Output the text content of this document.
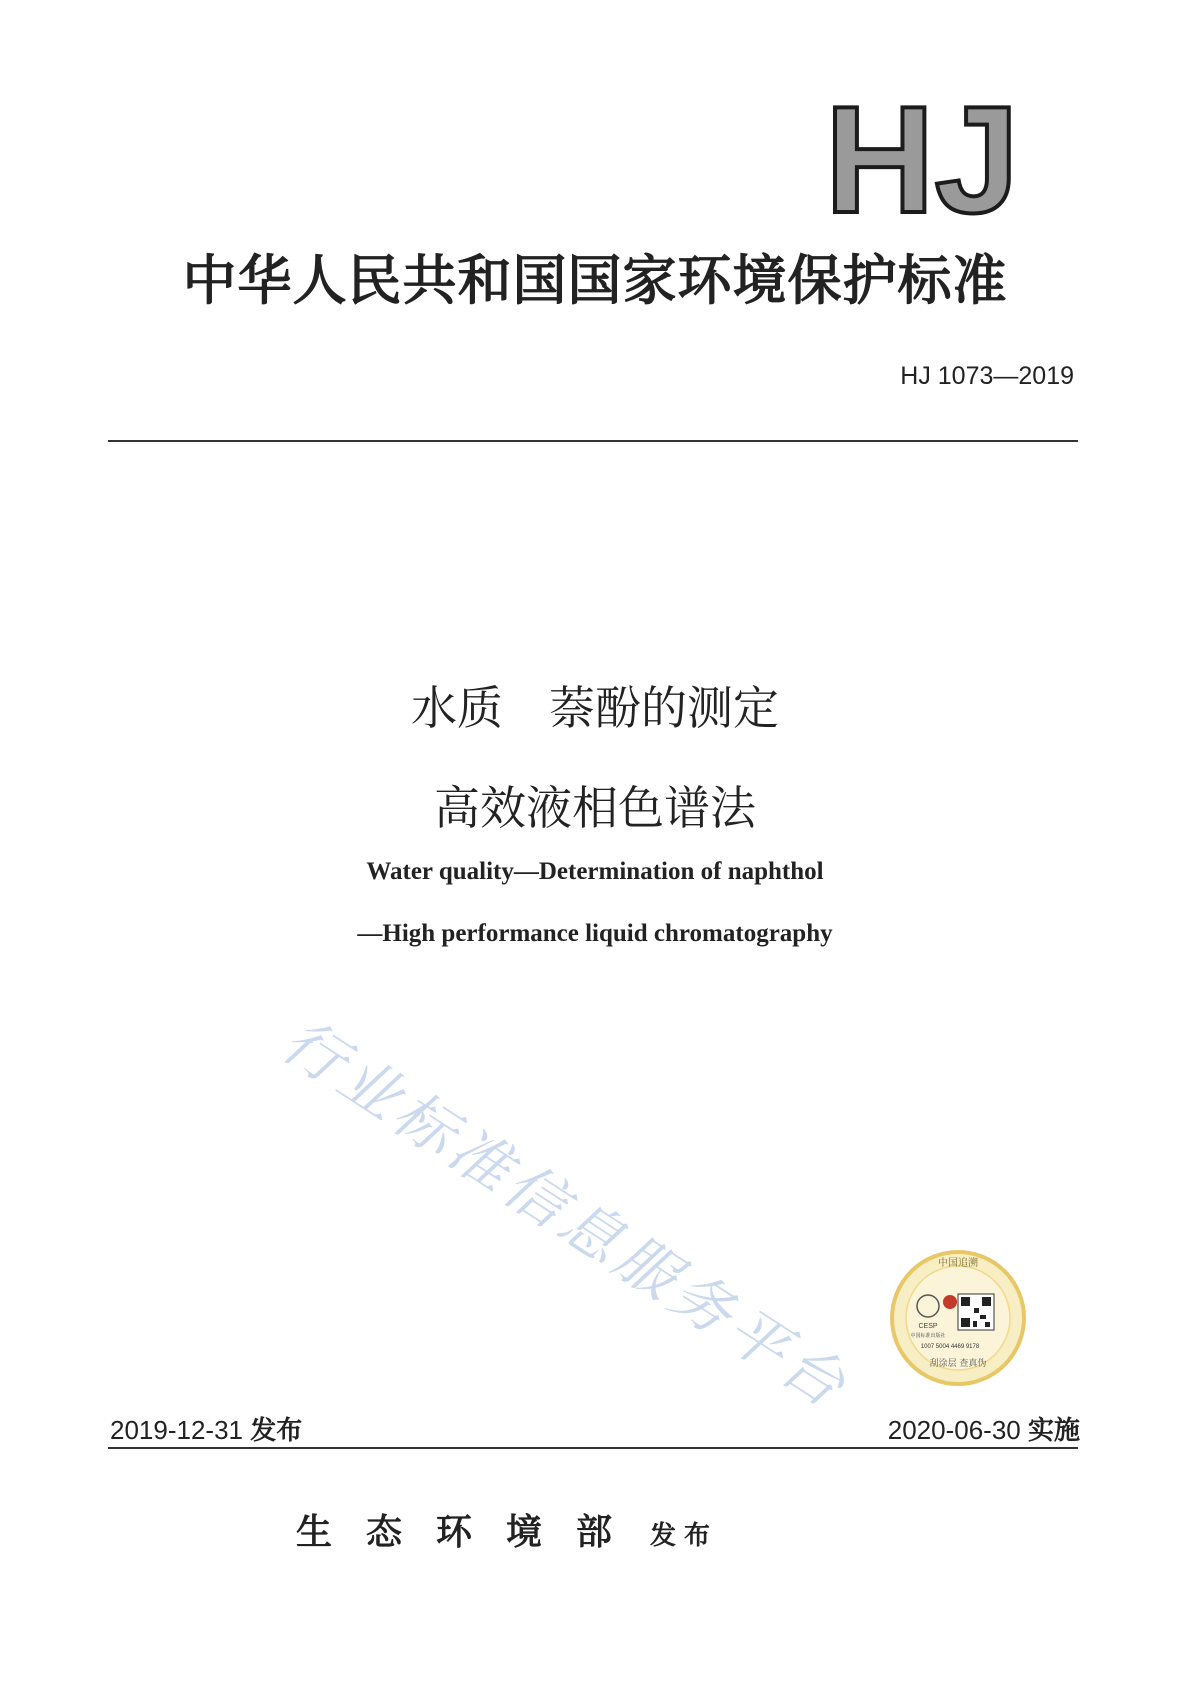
HJ
中华人民共和国国家环境保护标准
HJ 1073—2019
水质　萘酚的测定
高效液相色谱法
Water quality—Determination of naphthol
—High performance liquid chromatography
行业标准信息服务平台	中国追溯
CESP
中国标准出版社
1007 5004 4469 9178
刮涂层 查真伪
2019-12-31 发布	2020-06-30 实施
生态环境部 发布
